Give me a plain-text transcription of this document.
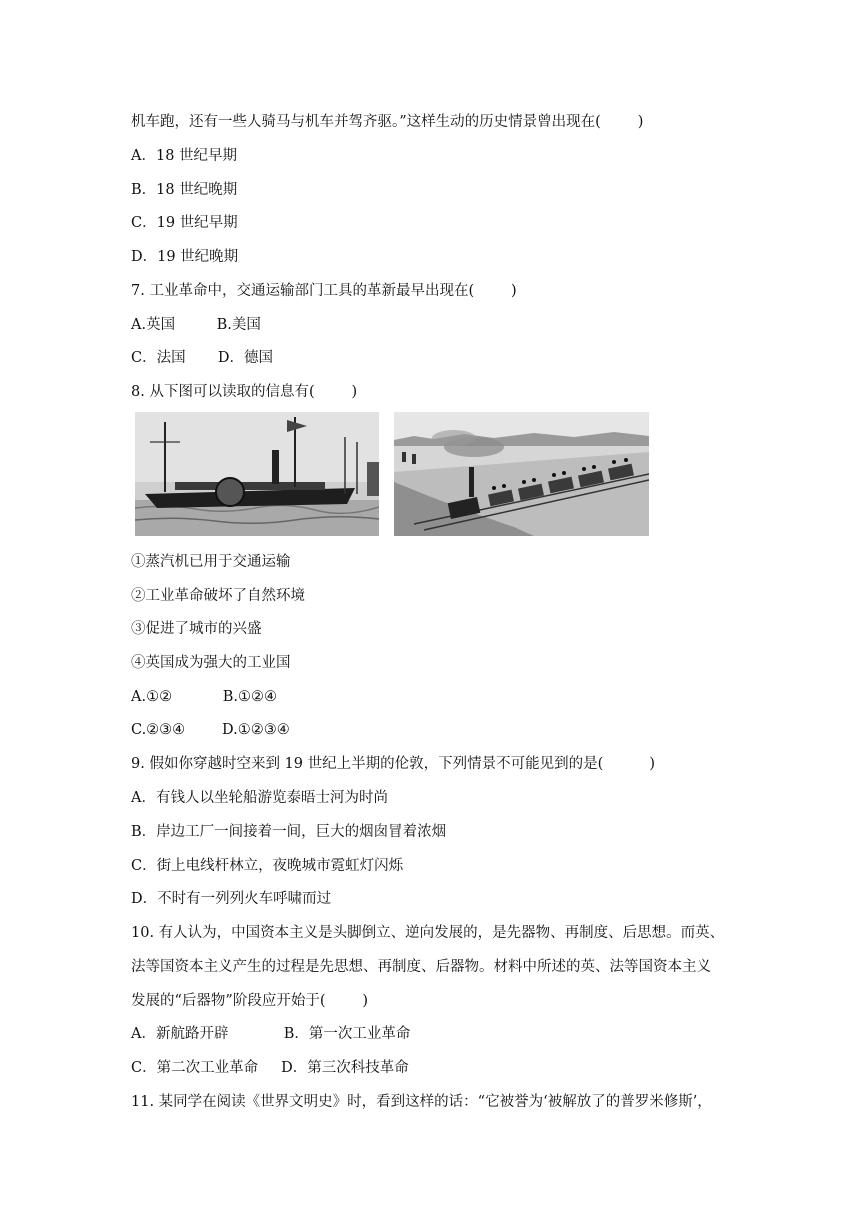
机车跑，还有一些人骑马与机车并驾齐驱。”这样生动的历史情景曾出现在(        )
A．18 世纪早期
B．18 世纪晚期
C．19 世纪早期
D．19 世纪晚期
7. 工业革命中，交通运输部门工具的革新最早出现在(        )
A.英国         B.美国
C．法国       D．德国
8. 从下图可以读取的信息有(        )
①蒸汽机已用于交通运输
②工业革命破坏了自然环境
③促进了城市的兴盛
④英国成为强大的工业国
A.①②           B.①②④
C.②③④        D.①②③④
9. 假如你穿越时空来到 19 世纪上半期的伦敦，下列情景不可能见到的是(          )
A．有钱人以坐轮船游览泰晤士河为时尚
B．岸边工厂一间接着一间，巨大的烟囱冒着浓烟
C．街上电线杆林立，夜晚城市霓虹灯闪烁
D．不时有一列列火车呼啸而过
10. 有人认为，中国资本主义是头脚倒立、逆向发展的，是先器物、再制度、后思想。而英、
法等国资本主义产生的过程是先思想、再制度、后器物。材料中所述的英、法等国资本主义
发展的“后器物”阶段应开始于(        )
A．新航路开辟            B．第一次工业革命
C．第二次工业革命     D．第三次科技革命
11. 某同学在阅读《世界文明史》时，看到这样的话：“它被誉为‘被解放了的普罗米修斯’，
